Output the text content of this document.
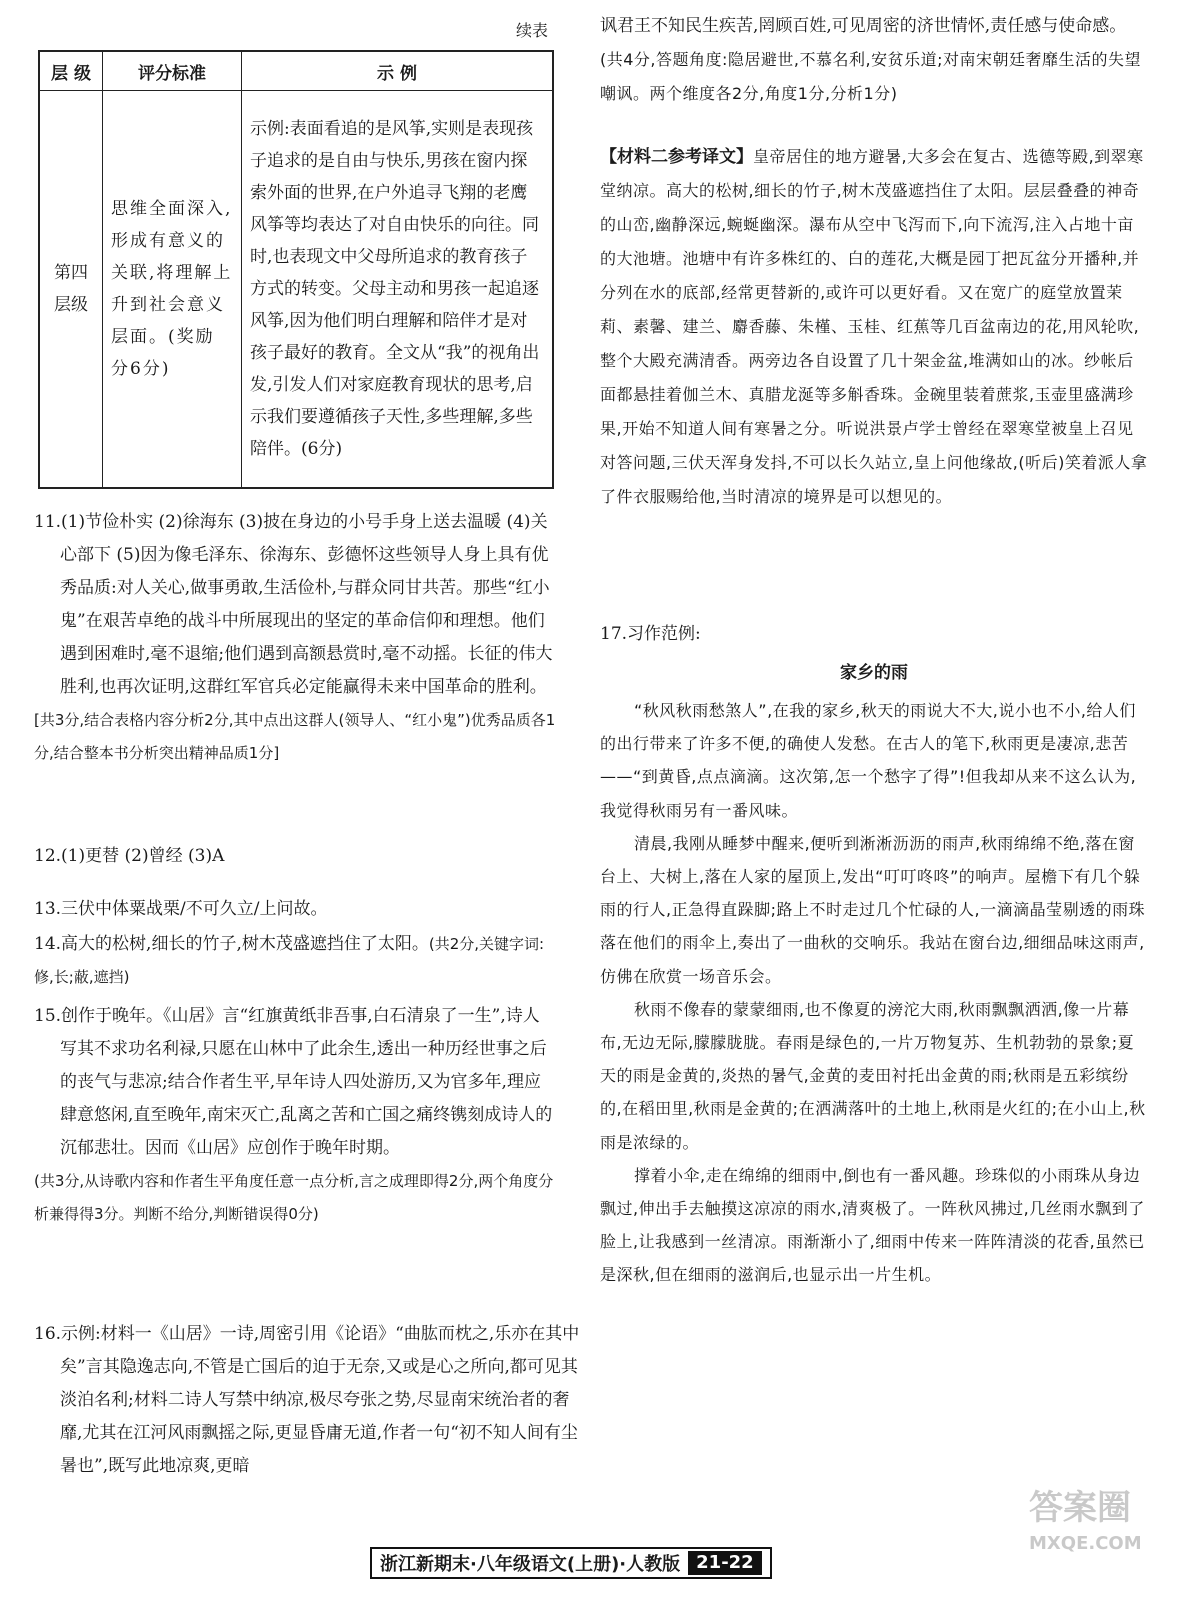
续表
层 级	评分标准	示 例
第四层级	思维全面深入,形成有意义的关联,将理解上升到社会意义层面。(奖励分6分)	示例:表面看追的是风筝,实则是表现孩子追求的是自由与快乐,男孩在窗内探索外面的世界,在户外追寻飞翔的老鹰风筝等均表达了对自由快乐的向往。同时,也表现文中父母所追求的教育孩子方式的转变。父母主动和男孩一起追逐风筝,因为他们明白理解和陪伴才是对孩子最好的教育。全文从“我”的视角出发,引发人们对家庭教育现状的思考,启示我们要遵循孩子天性,多些理解,多些陪伴。(6分)

11.(1)节俭朴实 (2)徐海东 (3)披在身边的小号手身上送去温暖 (4)关心部下 (5)因为像毛泽东、徐海东、彭德怀这些领导人身上具有优秀品质:对人关心,做事勇敢,生活俭朴,与群众同甘共苦。那些“红小鬼”在艰苦卓绝的战斗中所展现出的坚定的革命信仰和理想。他们遇到困难时,毫不退缩;他们遇到高额悬赏时,毫不动摇。长征的伟大胜利,也再次证明,这群红军官兵必定能赢得未来中国革命的胜利。

[共3分,结合表格内容分析2分,其中点出这群人(领导人、“红小鬼”)优秀品质各1分,结合整本书分析突出精神品质1分]

12.(1)更替 (2)曾经 (3)A

13.三伏中体粟战栗/不可久立/上问故。

14.高大的松树,细长的竹子,树木茂盛遮挡住了太阳。(共2分,关键字词:修,长;蔽,遮挡)

15.创作于晚年。《山居》言“红旗黄纸非吾事,白石清泉了一生”,诗人写其不求功名利禄,只愿在山林中了此余生,透出一种历经世事之后的丧气与悲凉;结合作者生平,早年诗人四处游历,又为官多年,理应肆意悠闲,直至晚年,南宋灭亡,乱离之苦和亡国之痛终镌刻成诗人的沉郁悲壮。因而《山居》应创作于晚年时期。

(共3分,从诗歌内容和作者生平角度任意一点分析,言之成理即得2分,两个角度分析兼得得3分。判断不给分,判断错误得0分)

16.示例:材料一《山居》一诗,周密引用《论语》“曲肱而枕之,乐亦在其中矣”言其隐逸志向,不管是亡国后的迫于无奈,又或是心之所向,都可见其淡泊名利;材料二诗人写禁中纳凉,极尽夸张之势,尽显南宋统治者的奢靡,尤其在江河风雨飘摇之际,更显昏庸无道,作者一句“初不知人间有尘暑也”,既写此地凉爽,更暗

讽君王不知民生疾苦,罔顾百姓,可见周密的济世情怀,责任感与使命感。(共4分,答题角度:隐居避世,不慕名利,安贫乐道;对南宋朝廷奢靡生活的失望嘲讽。两个维度各2分,角度1分,分析1分)
【材料二参考译文】皇帝居住的地方避暑,大多会在复古、选德等殿,到翠寒堂纳凉。高大的松树,细长的竹子,树木茂盛遮挡住了太阳。层层叠叠的神奇的山峦,幽静深远,蜿蜒幽深。瀑布从空中飞泻而下,向下流泻,注入占地十亩的大池塘。池塘中有许多株红的、白的莲花,大概是园丁把瓦盆分开播种,并分列在水的底部,经常更替新的,或许可以更好看。又在宽广的庭堂放置茉莉、素馨、建兰、麝香藤、朱槿、玉桂、红蕉等几百盆南边的花,用风轮吹,整个大殿充满清香。两旁边各自设置了几十架金盆,堆满如山的冰。纱帐后面都悬挂着伽兰木、真腊龙涎等多斛香珠。金碗里装着蔗浆,玉壶里盛满珍果,开始不知道人间有寒暑之分。听说洪景卢学士曾经在翠寒堂被皇上召见对答问题,三伏天浑身发抖,不可以长久站立,皇上问他缘故,(听后)笑着派人拿了件衣服赐给他,当时清凉的境界是可以想见的。

17.习作范例:

家乡的雨

“秋风秋雨愁煞人”,在我的家乡,秋天的雨说大不大,说小也不小,给人们的出行带来了许多不便,的确使人发愁。在古人的笔下,秋雨更是凄凉,悲苦——“到黄昏,点点滴滴。这次第,怎一个愁字了得”!但我却从来不这么认为,我觉得秋雨另有一番风味。

清晨,我刚从睡梦中醒来,便听到淅淅沥沥的雨声,秋雨绵绵不绝,落在窗台上、大树上,落在人家的屋顶上,发出“叮叮咚咚”的响声。屋檐下有几个躲雨的行人,正急得直跺脚;路上不时走过几个忙碌的人,一滴滴晶莹剔透的雨珠落在他们的雨伞上,奏出了一曲秋的交响乐。我站在窗台边,细细品味这雨声,仿佛在欣赏一场音乐会。

秋雨不像春的蒙蒙细雨,也不像夏的滂沱大雨,秋雨飘飘洒洒,像一片幕布,无边无际,朦朦胧胧。春雨是绿色的,一片万物复苏、生机勃勃的景象;夏天的雨是金黄的,炎热的暑气,金黄的麦田衬托出金黄的雨;秋雨是五彩缤纷的,在稻田里,秋雨是金黄的;在洒满落叶的土地上,秋雨是火红的;在小山上,秋雨是浓绿的。

撑着小伞,走在绵绵的细雨中,倒也有一番风趣。珍珠似的小雨珠从身边飘过,伸出手去触摸这凉凉的雨水,清爽极了。一阵秋风拂过,几丝雨水飘到了脸上,让我感到一丝清凉。雨渐渐小了,细雨中传来一阵阵清淡的花香,虽然已是深秋,但在细雨的滋润后,也显示出一片生机。

浙江新期末·八年级语文(上册)·人教版 21-22
答案圈
MXQE.COM
